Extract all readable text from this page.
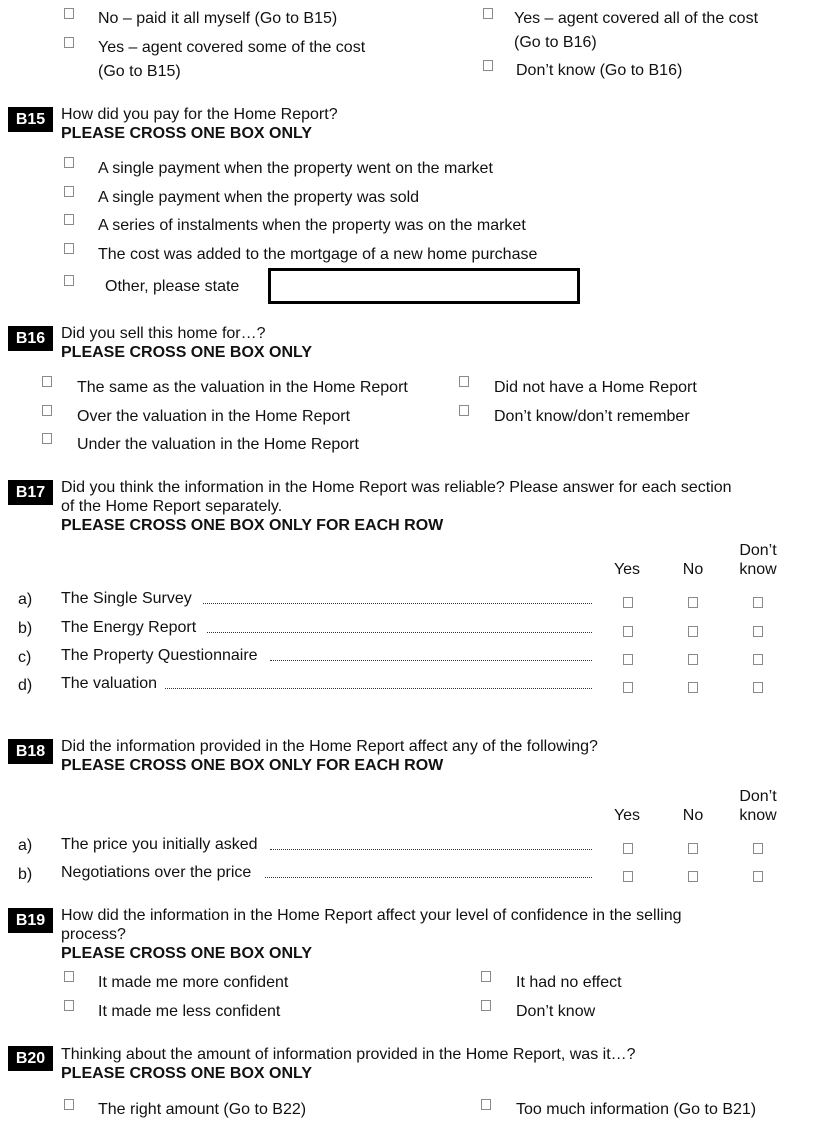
No – paid it all myself (Go to B15)
Yes – agent covered some of the cost
(Go to B15)
Yes – agent covered all of the cost
(Go to B16)
Don’t know (Go to B16)
B15 How did you pay for the Home Report?
PLEASE CROSS ONE BOX ONLY
A single payment when the property went on the market
A single payment when the property was sold
A series of instalments when the property was on the market
The cost was added to the mortgage of a new home purchase
Other, please state
B16 Did you sell this home for…?
PLEASE CROSS ONE BOX ONLY
The same as the valuation in the Home Report
Over the valuation in the Home Report
Under the valuation in the Home Report
Did not have a Home Report
Don’t know/don’t remember
B17 Did you think the information in the Home Report was reliable? Please answer for each section
of the Home Report separately.
PLEASE CROSS ONE BOX ONLY FOR EACH ROW
Yes	No
Don’t
know
a) The Single Survey
b) The Energy Report
c) The Property Questionnaire
d) The valuation
B18 Did the information provided in the Home Report affect any of the following?
PLEASE CROSS ONE BOX ONLY FOR EACH ROW
Yes	No
Don’t
know
a) The price you initially asked
b) Negotiations over the price
B19 How did the information in the Home Report affect your level of confidence in the selling
process?
PLEASE CROSS ONE BOX ONLY
It made me more confident
It made me less confident
It had no effect
Don’t know
B20 Thinking about the amount of information provided in the Home Report, was it…?
PLEASE CROSS ONE BOX ONLY
The right amount (Go to B22)	Too much information (Go to B21)
